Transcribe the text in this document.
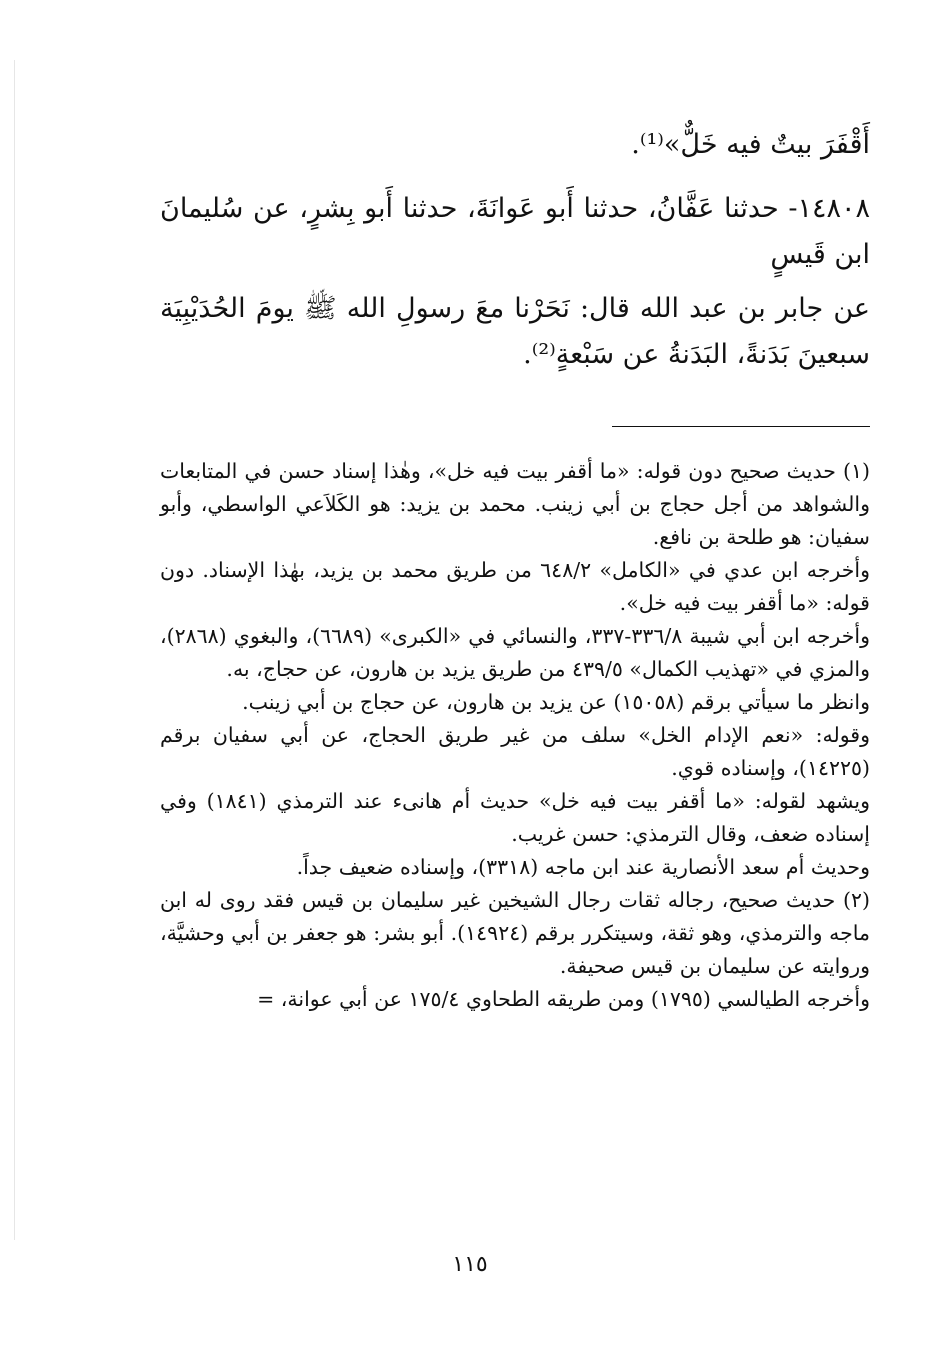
أَقْفَرَ بيتٌ فيه خَلٌّ»⁽¹⁾.

١٤٨٠٨- حدثنا عَفَّانُ، حدثنا أَبو عَوانَةَ، حدثنا أَبو بِشرٍ، عن سُليمانَ ابن قَيسٍ

عن جابر بن عبد الله قال: نَحَرْنا معَ رسولِ الله ﷺ يومَ الحُدَيْبِيَة سبعينَ بَدَنةً، البَدَنةُ عن سَبْعةٍ⁽²⁾.

(١) حديث صحيح دون قوله: «ما أقفر بيت فيه خل»، وهٰذا إسناد حسن في المتابعات والشواهد من أجل حجاج بن أبي زينب. محمد بن يزيد: هو الكَلاَعي الواسطي، وأبو سفيان: هو طلحة بن نافع.

وأخرجه ابن عدي في «الكامل» ٦٤٨/٢ من طريق محمد بن يزيد، بهٰذا الإسناد. دون قوله: «ما أقفر بيت فيه خل».

وأخرجه ابن أبي شيبة ٣٣٦/٨-٣٣٧، والنسائي في «الكبرى» (٦٦٨٩)، والبغوي (٢٨٦٨)، والمزي في «تهذيب الكمال» ٤٣٩/٥ من طريق يزيد بن هارون، عن حجاج، به.

وانظر ما سيأتي برقم (١٥٠٥٨) عن يزيد بن هارون، عن حجاج بن أبي زينب.

وقوله: «نعم الإدام الخل» سلف من غير طريق الحجاج، عن أبي سفيان برقم (١٤٢٢٥)، وإسناده قوي.

ويشهد لقوله: «ما أقفر بيت فيه خل» حديث أم هانىء عند الترمذي (١٨٤١) وفي إسناده ضعف، وقال الترمذي: حسن غريب.

وحديث أم سعد الأنصارية عند ابن ماجه (٣٣١٨)، وإسناده ضعيف جداً.

(٢) حديث صحيح، رجاله ثقات رجال الشيخين غير سليمان بن قيس فقد روى له ابن ماجه والترمذي، وهو ثقة، وسيتكرر برقم (١٤٩٢٤). أبو بشر: هو جعفر بن أبي وحشيَّة، وروايته عن سليمان بن قيس صحيفة.

وأخرجه الطيالسي (١٧٩٥) ومن طريقه الطحاوي ١٧٥/٤ عن أبي عوانة، =

١١٥
